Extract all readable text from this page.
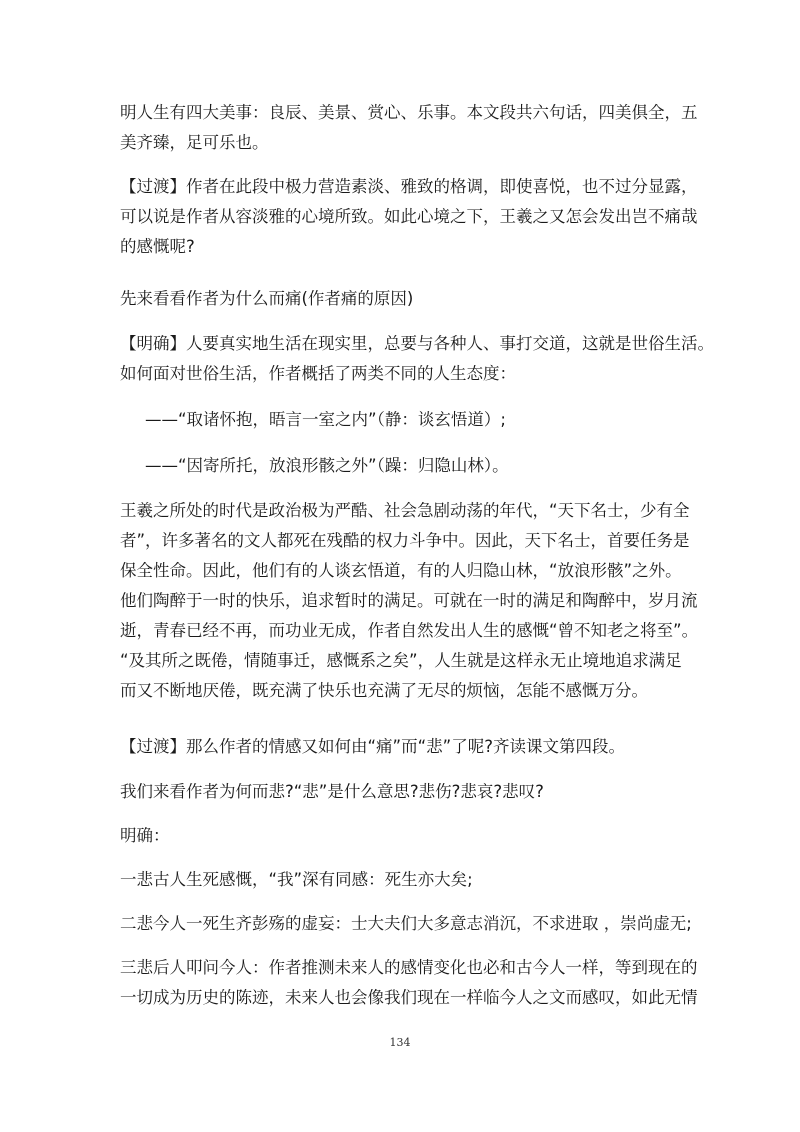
明人生有四大美事：良辰、美景、赏心、乐事。本文段共六句话，四美俱全，五
美齐臻，足可乐也。
【过渡】作者在此段中极力营造素淡、雅致的格调，即使喜悦，也不过分显露，
可以说是作者从容淡雅的心境所致。如此心境之下，王羲之又怎会发出岂不痛哉
的感慨呢?
先来看看作者为什么而痛(作者痛的原因)
【明确】人要真实地生活在现实里，总要与各种人、事打交道，这就是世俗生活。
如何面对世俗生活，作者概括了两类不同的人生态度：
——“取诸怀抱，晤言一室之内”（静：谈玄悟道）;
——“因寄所托，放浪形骸之外”（躁：归隐山林）。
王羲之所处的时代是政治极为严酷、社会急剧动荡的年代，“天下名士，少有全
者”，许多著名的文人都死在残酷的权力斗争中。因此，天下名士，首要任务是
保全性命。因此，他们有的人谈玄悟道，有的人归隐山林，“放浪形骸”之外。
他们陶醉于一时的快乐，追求暂时的满足。可就在一时的满足和陶醉中，岁月流
逝，青春已经不再，而功业无成，作者自然发出人生的感慨“曾不知老之将至”。
“及其所之既倦，情随事迁，感慨系之矣”，人生就是这样永无止境地追求满足
而又不断地厌倦，既充满了快乐也充满了无尽的烦恼，怎能不感慨万分。
【过渡】那么作者的情感又如何由“痛”而“悲”了呢?齐读课文第四段。
我们来看作者为何而悲?“悲”是什么意思?悲伤?悲哀?悲叹?
明确：
一悲古人生死感慨，“我”深有同感：死生亦大矣;
二悲今人一死生齐彭殇的虚妄：士大夫们大多意志消沉，不求进取 ，崇尚虚无;
三悲后人叩问今人：作者推测未来人的感情变化也必和古今人一样，等到现在的
一切成为历史的陈迹，未来人也会像我们现在一样临今人之文而感叹，如此无情
134
